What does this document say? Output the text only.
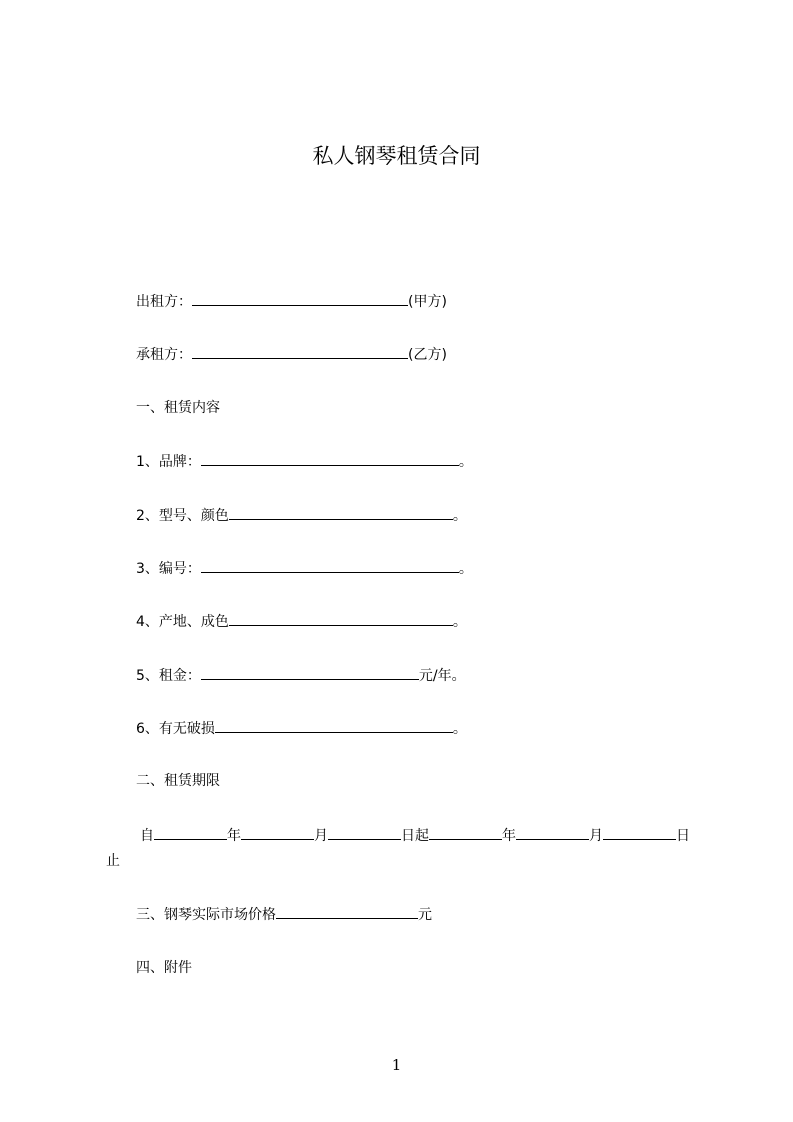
私人钢琴租赁合同
出租方：	(甲方)
承租方：	(乙方)
一、租赁内容
1、品牌：	。
2、型号、颜色	。
3、编号：	。
4、产地、成色	。
5、租金：	元/年。
6、有无破损	。
二、租赁期限
自	年	月	日起	年	月	日
止
三、钢琴实际市场价格	元
四、附件
1
